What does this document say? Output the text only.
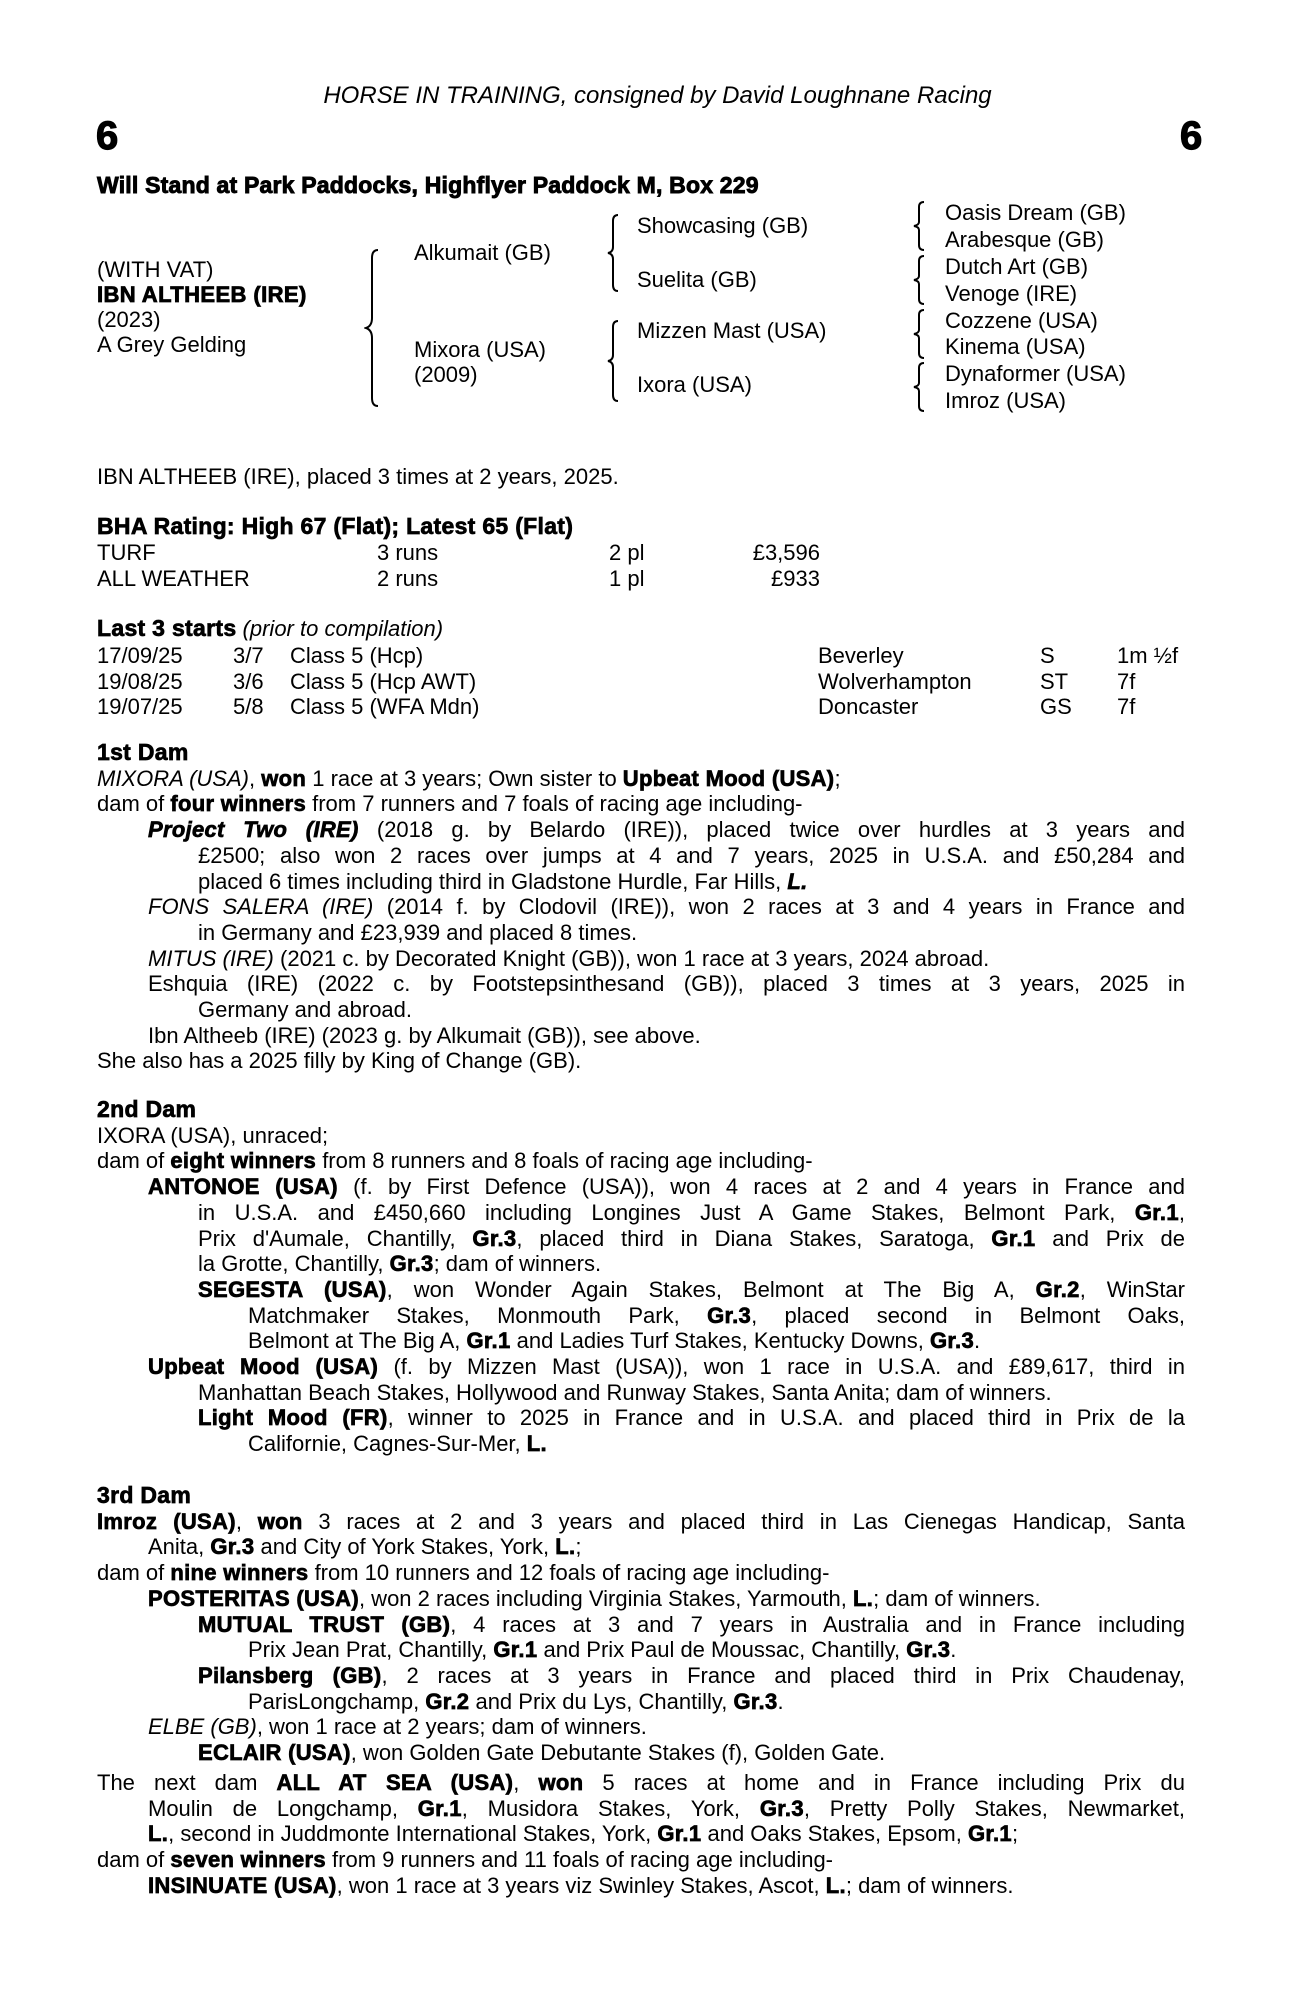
HORSE IN TRAINING, consigned by David Loughnane Racing
6	6
Will Stand at Park Paddocks, Highflyer Paddock M, Box 229
(WITH VAT)
IBN ALTHEEB (IRE)
(2023)
A Grey Gelding
Alkumait (GB)
Mixora (USA)
(2009)
Showcasing (GB)
Suelita (GB)
Mizzen Mast (USA)
Ixora (USA)
Oasis Dream (GB)
Arabesque (GB)
Dutch Art (GB)
Venoge (IRE)
Cozzene (USA)
Kinema (USA)
Dynaformer (USA)
Imroz (USA)
IBN ALTHEEB (IRE), placed 3 times at 2 years, 2025.
BHA Rating: High 67 (Flat); Latest 65 (Flat)
TURF	3 runs	2 pl	£3,596
ALL WEATHER	2 runs	1 pl	£933
Last 3 starts (prior to compilation)
17/09/25 3/7 Class 5 (Hcp)	Beverley	S	1m ½f
19/08/25 3/6 Class 5 (Hcp AWT)	Wolverhampton	ST 7f
19/07/25 5/8 Class 5 (WFA Mdn)	Doncaster	GS 7f
1st Dam
MIXORA (USA), won 1 race at 3 years; Own sister to Upbeat Mood (USA);
dam of four winners from 7 runners and 7 foals of racing age including-
Project Two (IRE) (2018 g. by Belardo (IRE)), placed twice over hurdles at 3 years and
£2500; also won 2 races over jumps at 4 and 7 years, 2025 in U.S.A. and £50,284 and
placed 6 times including third in Gladstone Hurdle, Far Hills, L.
FONS SALERA (IRE) (2014 f. by Clodovil (IRE)), won 2 races at 3 and 4 years in France and
in Germany and £23,939 and placed 8 times.
MITUS (IRE) (2021 c. by Decorated Knight (GB)), won 1 race at 3 years, 2024 abroad.
Eshquia (IRE) (2022 c. by Footstepsinthesand (GB)), placed 3 times at 3 years, 2025 in
Germany and abroad.
Ibn Altheeb (IRE) (2023 g. by Alkumait (GB)), see above.
She also has a 2025 filly by King of Change (GB).
2nd Dam
IXORA (USA), unraced;
dam of eight winners from 8 runners and 8 foals of racing age including-
ANTONOE (USA) (f. by First Defence (USA)), won 4 races at 2 and 4 years in France and
in U.S.A. and £450,660 including Longines Just A Game Stakes, Belmont Park, Gr.1,
Prix d'Aumale, Chantilly, Gr.3, placed third in Diana Stakes, Saratoga, Gr.1 and Prix de
la Grotte, Chantilly, Gr.3; dam of winners.
SEGESTA (USA), won Wonder Again Stakes, Belmont at The Big A, Gr.2, WinStar
Matchmaker Stakes, Monmouth Park, Gr.3, placed second in Belmont Oaks,
Belmont at The Big A, Gr.1 and Ladies Turf Stakes, Kentucky Downs, Gr.3.
Upbeat Mood (USA) (f. by Mizzen Mast (USA)), won 1 race in U.S.A. and £89,617, third in
Manhattan Beach Stakes, Hollywood and Runway Stakes, Santa Anita; dam of winners.
Light Mood (FR), winner to 2025 in France and in U.S.A. and placed third in Prix de la
Californie, Cagnes-Sur-Mer, L.
3rd Dam
Imroz (USA), won 3 races at 2 and 3 years and placed third in Las Cienegas Handicap, Santa
Anita, Gr.3 and City of York Stakes, York, L.;
dam of nine winners from 10 runners and 12 foals of racing age including-
POSTERITAS (USA), won 2 races including Virginia Stakes, Yarmouth, L.; dam of winners.
MUTUAL TRUST (GB), 4 races at 3 and 7 years in Australia and in France including
Prix Jean Prat, Chantilly, Gr.1 and Prix Paul de Moussac, Chantilly, Gr.3.
Pilansberg (GB), 2 races at 3 years in France and placed third in Prix Chaudenay,
ParisLongchamp, Gr.2 and Prix du Lys, Chantilly, Gr.3.
ELBE (GB), won 1 race at 2 years; dam of winners.
ECLAIR (USA), won Golden Gate Debutante Stakes (f), Golden Gate.
The next dam ALL AT SEA (USA), won 5 races at home and in France including Prix du
Moulin de Longchamp, Gr.1, Musidora Stakes, York, Gr.3, Pretty Polly Stakes, Newmarket,
L., second in Juddmonte International Stakes, York, Gr.1 and Oaks Stakes, Epsom, Gr.1;
dam of seven winners from 9 runners and 11 foals of racing age including-
INSINUATE (USA), won 1 race at 3 years viz Swinley Stakes, Ascot, L.; dam of winners.
